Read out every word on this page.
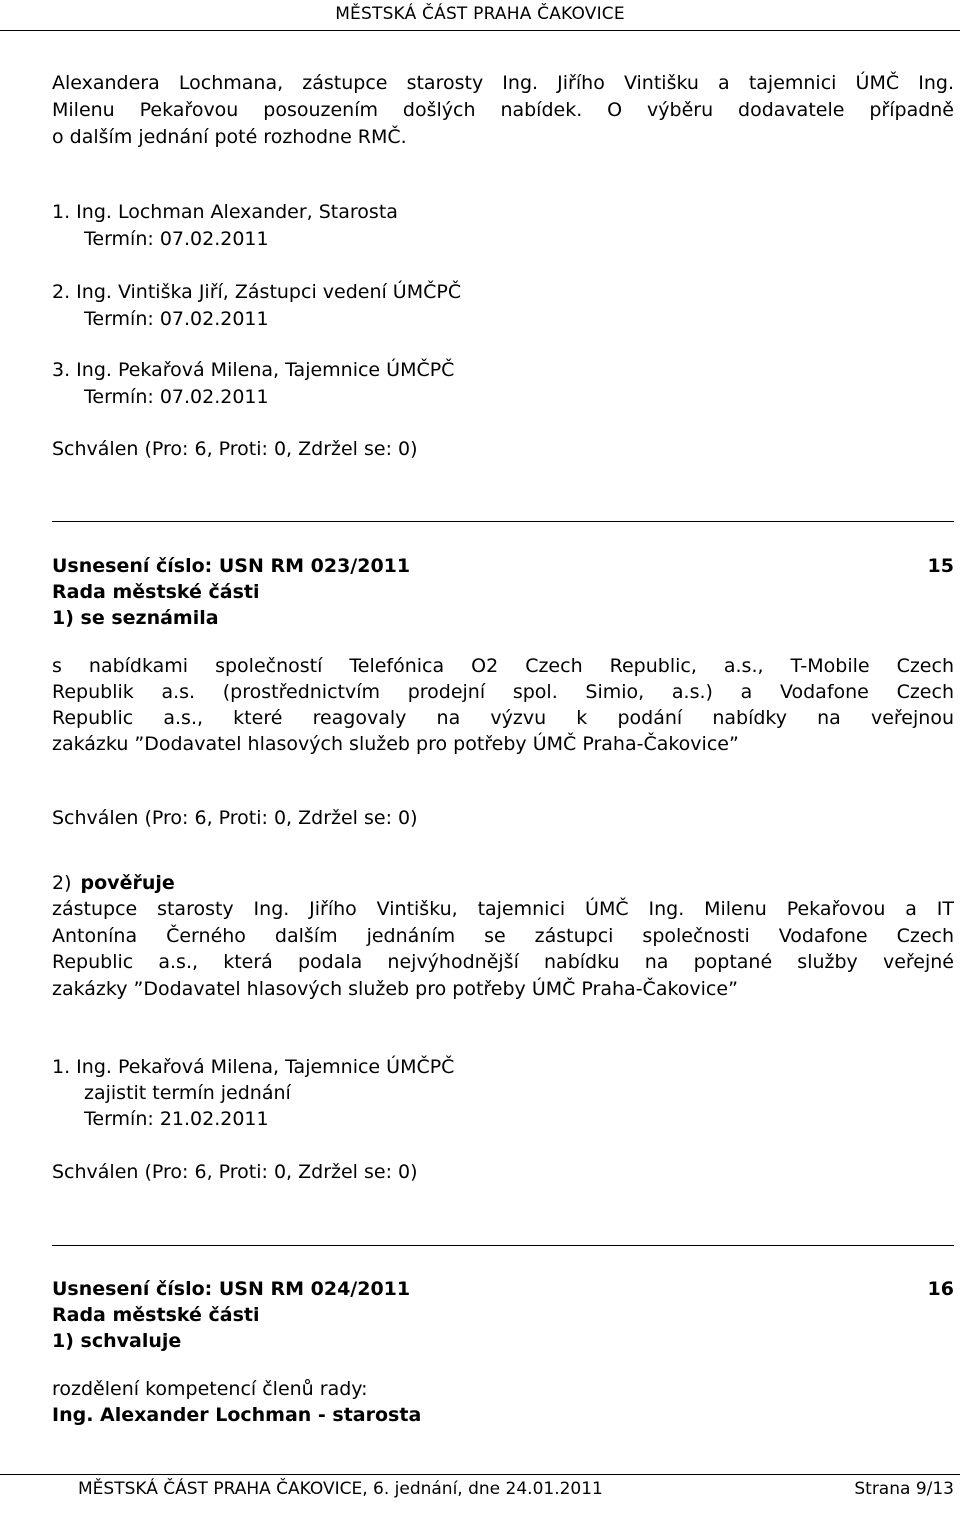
MĚSTSKÁ ČÁST PRAHA ČAKOVICE
Alexandera Lochmana, zástupce starosty Ing. Jiřího Vintišku a tajemnici ÚMČ Ing.
Milenu Pekařovou posouzením došlých nabídek. O výběru dodavatele případně
o dalším jednání poté rozhodne RMČ.
1. Ing. Lochman Alexander, Starosta
Termín: 07.02.2011
2. Ing. Vintiška Jiří, Zástupci vedení ÚMČPČ
Termín: 07.02.2011
3. Ing. Pekařová Milena, Tajemnice ÚMČPČ
Termín: 07.02.2011
Schválen (Pro: 6, Proti: 0, Zdržel se: 0)
Usnesení číslo: USN RM 023/2011	15
Rada městské části
1) se seznámila
s nabídkami společností Telefónica O2 Czech Republic, a.s., T-Mobile Czech
Republik a.s. (prostřednictvím prodejní spol. Simio, a.s.) a Vodafone Czech
Republic a.s., které reagovaly na výzvu k podání nabídky na veřejnou
zakázku ”Dodavatel hlasových služeb pro potřeby ÚMČ Praha-Čakovice”
Schválen (Pro: 6, Proti: 0, Zdržel se: 0)
2) pověřuje
zástupce starosty Ing. Jiřího Vintišku, tajemnici ÚMČ Ing. Milenu Pekařovou a IT
Antonína Černého dalším jednáním se zástupci společnosti Vodafone Czech
Republic a.s., která podala nejvýhodnější nabídku na poptané služby veřejné
zakázky ”Dodavatel hlasových služeb pro potřeby ÚMČ Praha-Čakovice”
1. Ing. Pekařová Milena, Tajemnice ÚMČPČ
zajistit termín jednání
Termín: 21.02.2011
Schválen (Pro: 6, Proti: 0, Zdržel se: 0)
Usnesení číslo: USN RM 024/2011	16
Rada městské části
1) schvaluje
rozdělení kompetencí členů rady:
Ing. Alexander Lochman - starosta
MĚSTSKÁ ČÁST PRAHA ČAKOVICE, 6. jednání, dne 24.01.2011	Strana 9/13
